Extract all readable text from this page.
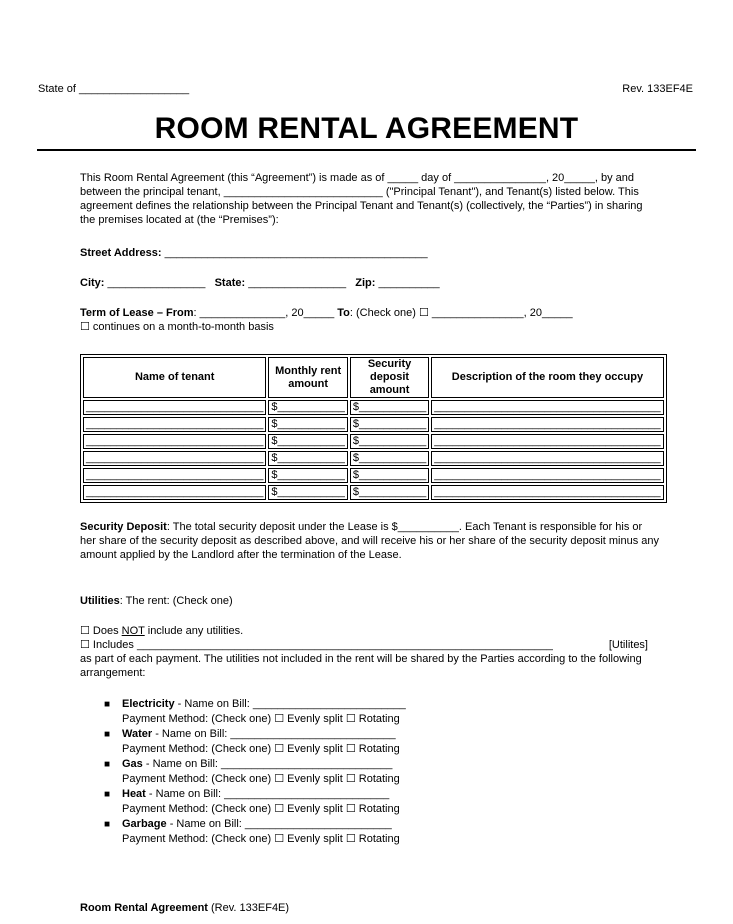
State of __________________	Rev. 133EF4E
ROOM RENTAL AGREEMENT

This Room Rental Agreement (this “Agreement”) is made as of _____ day of _______________, 20_____, by and between the principal tenant, __________________________ ("Principal Tenant"), and Tenant(s) listed below. This agreement defines the relationship between the Principal Tenant and Tenant(s) (collectively, the “Parties”) in sharing the premises located at (the “Premises”):

Street Address: ___________________________________________

City: ________________ State: ________________ Zip: __________

Term of Lease – From: ______________, 20_____ To: (Check one) ☐ _______________, 20_____

☐ continues on a month-to-month basis

Name of tenant	Monthly rent amount	Security deposit amount	Description of the room they occupy
_____________________________	$___________	$___________	_____________________________________
_____________________________	$___________	$___________	_____________________________________
_____________________________	$___________	$___________	_____________________________________
_____________________________	$___________	$___________	_____________________________________
_____________________________	$___________	$___________	_____________________________________
_____________________________	$___________	$___________	_____________________________________

Security Deposit: The total security deposit under the Lease is $__________. Each Tenant is responsible for his or her share of the security deposit as described above, and will receive his or her share of the security deposit minus any amount applied by the Landlord after the termination of the Lease.

Utilities: The rent: (Check one)

☐ Does NOT include any utilities.

☐ Includes ____________________________________________________________________	[Utilites]

as part of each payment. The utilities not included in the rent will be shared by the Parties according to the following arrangement:

■ Electricity - Name on Bill: _________________________
Payment Method: (Check one) ☐ Evenly split ☐ Rotating
■ Water - Name on Bill: ___________________________
Payment Method: (Check one) ☐ Evenly split ☐ Rotating
■ Gas - Name on Bill: ____________________________
Payment Method: (Check one) ☐ Evenly split ☐ Rotating
■ Heat - Name on Bill: ___________________________
Payment Method: (Check one) ☐ Evenly split ☐ Rotating
■ Garbage - Name on Bill: ________________________
Payment Method: (Check one) ☐ Evenly split ☐ Rotating

Room Rental Agreement (Rev. 133EF4E)
